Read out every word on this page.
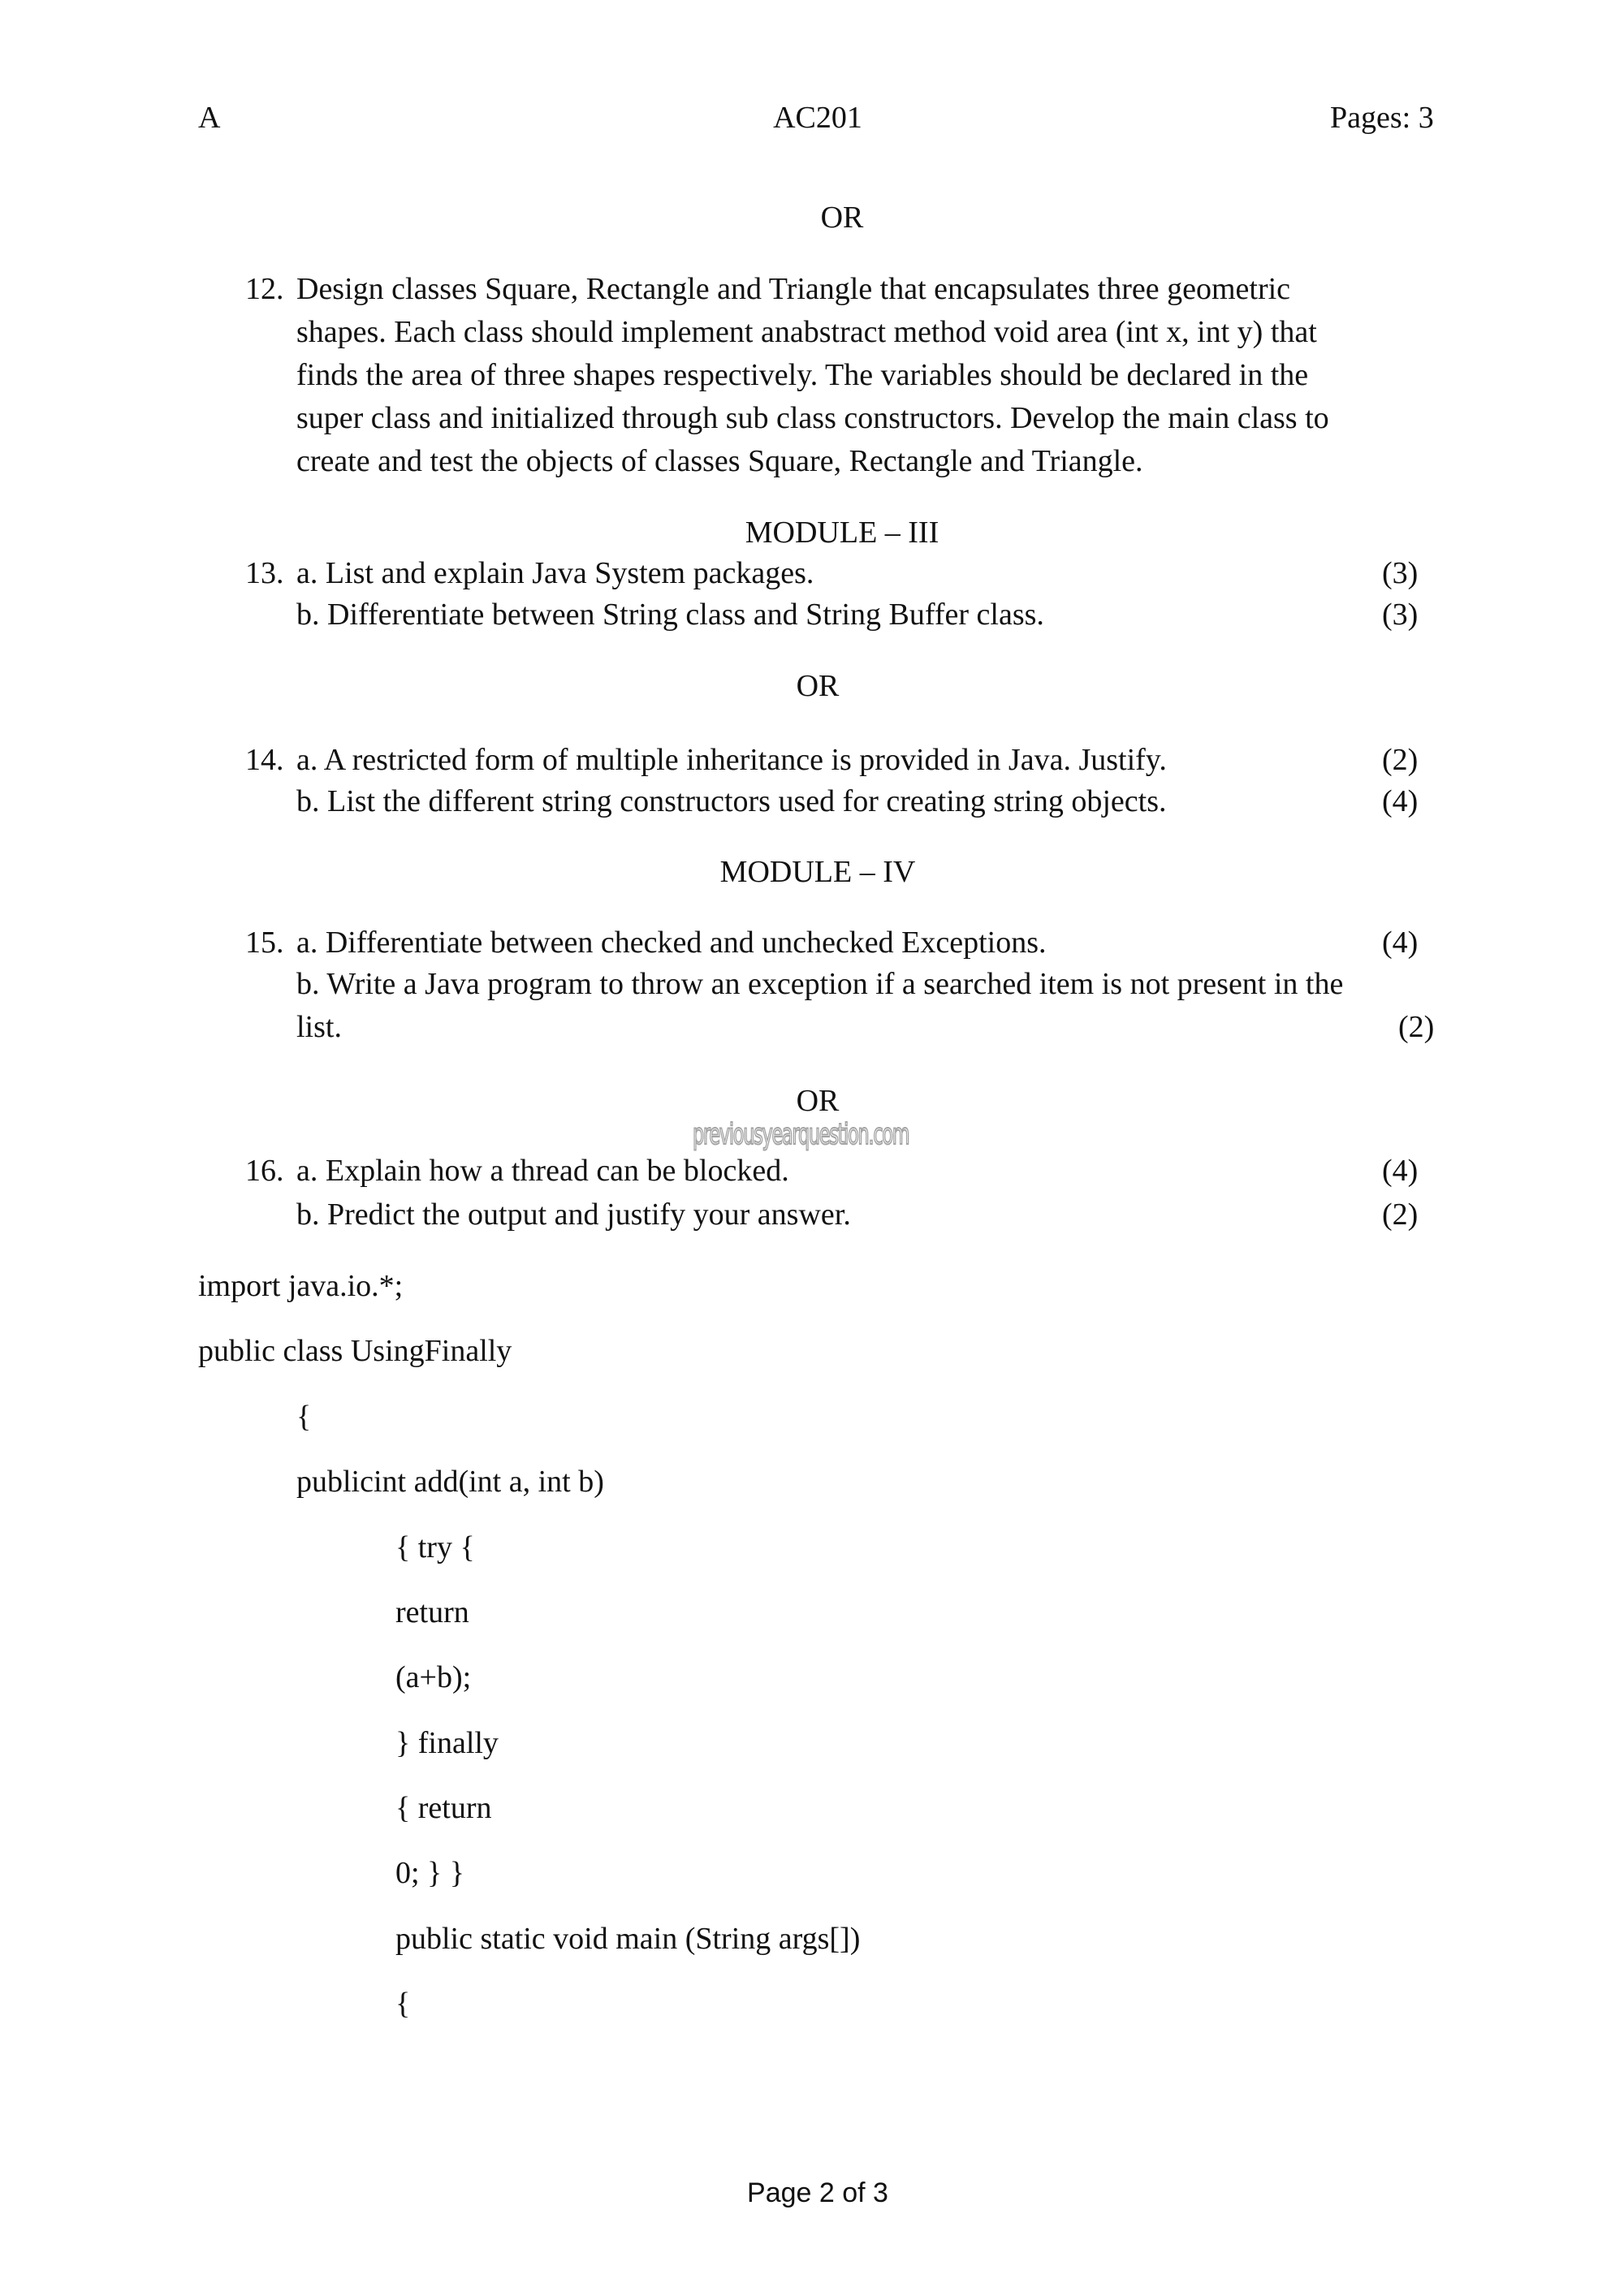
A	AC201	Pages: 3
OR
12. Design classes Square, Rectangle and Triangle that encapsulates three geometric
shapes. Each class should implement anabstract method void area (int x, int y) that
finds the area of three shapes respectively. The variables should be declared in the
super class and initialized through sub class constructors. Develop the main class to
create and test the objects of classes Square, Rectangle and Triangle.
MODULE – III
13. a. List and explain Java System packages.	(3)
b. Differentiate between String class and String Buffer class.	(3)
OR
14. a. A restricted form of multiple inheritance is provided in Java. Justify.	(2)
b. List the different string constructors used for creating string objects.	(4)
MODULE – IV
15. a. Differentiate between checked and unchecked Exceptions.	(4)
b. Write a Java program to throw an exception if a searched item is not present in the
list.	(2)
OR
previousyearquestion.com
16. a. Explain how a thread can be blocked.	(4)
b. Predict the output and justify your answer.	(2)
import java.io.*;
public class UsingFinally
{
publicint add(int a, int b)
{ try {
return
(a+b);
} finally
{ return
0; } }
public static void main (String args[])
{
Page 2 of 3
